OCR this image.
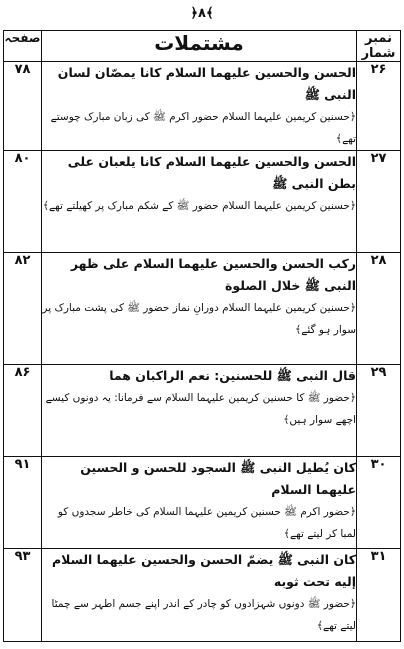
﴿۸﴾
نمبر شمار	مشتملات	صفحہ
۲۶	الحسن والحسین علیهما السلام کانا یمصّان لسان النبی ﷺ
﴿حسنین کریمین علیہما السلام حضور اکرم ﷺ کی زبان مبارک چوستے تھے﴾	۷۸
۲۷	الحسن والحسین علیهما السلام کانا یلعبان علی بطن النبی ﷺ
﴿حسنین کریمین علیہما السلام حضور ﷺ کے شکم مبارک پر کھیلتے تھے﴾	۸۰
۲۸	رکب الحسن والحسین علیهما السلام علی ظهر النبی ﷺ خلال الصلوة
﴿حسنین کریمین علیہما السلام دورانِ نماز حضور ﷺ کی پشت مبارک پر سوار ہو گئے﴾	۸۲
۲۹	قال النبی ﷺ للحسنین: نعم الراکبان هما
﴿حضور ﷺ کا حسنین کریمین علیہما السلام سے فرمانا: یہ دونوں کیسے اچھے سوار ہیں﴾	۸۶
۳۰	کان یُطیل النبی ﷺ السجود للحسن و الحسین علیهما السلام
﴿حضور اکرم ﷺ حسنین کریمین علیہما السلام کی خاطر سجدوں کو لمبا کر لیتے تھے﴾	۹۱
۳۱	کان النبی ﷺ یضمّ الحسن والحسین علیهما السلام إلیه تحت ثوبه
﴿حضور ﷺ دونوں شہزادوں کو چادر کے اندر اپنے جسم اطہر سے چمٹا لیتے تھے﴾	۹۳
